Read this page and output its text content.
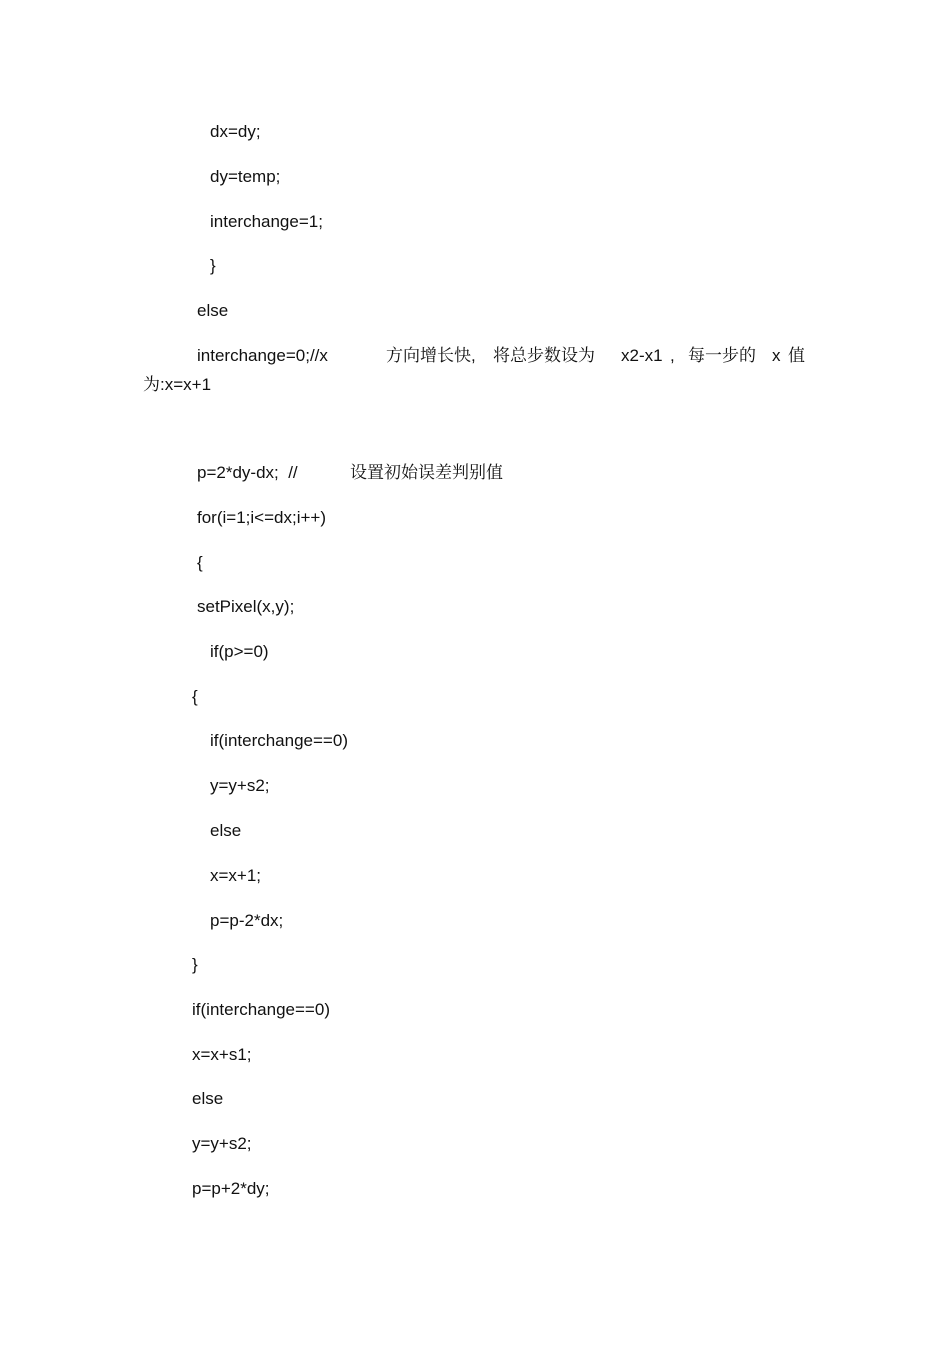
dx=dy;
dy=temp;
interchange=1;
}
else
interchange=0;//x	方向增长快, 将总步数设为 x2-x1 , 每一步的 x 值
为:x=x+1
p=2*dy-dx;  //	设置初始误差判别值
for(i=1;i<=dx;i++)
{
setPixel(x,y);
if(p>=0)
{
if(interchange==0)
y=y+s2;
else
x=x+1;
p=p-2*dx;
}
if(interchange==0)
x=x+s1;
else
y=y+s2;
p=p+2*dy;
